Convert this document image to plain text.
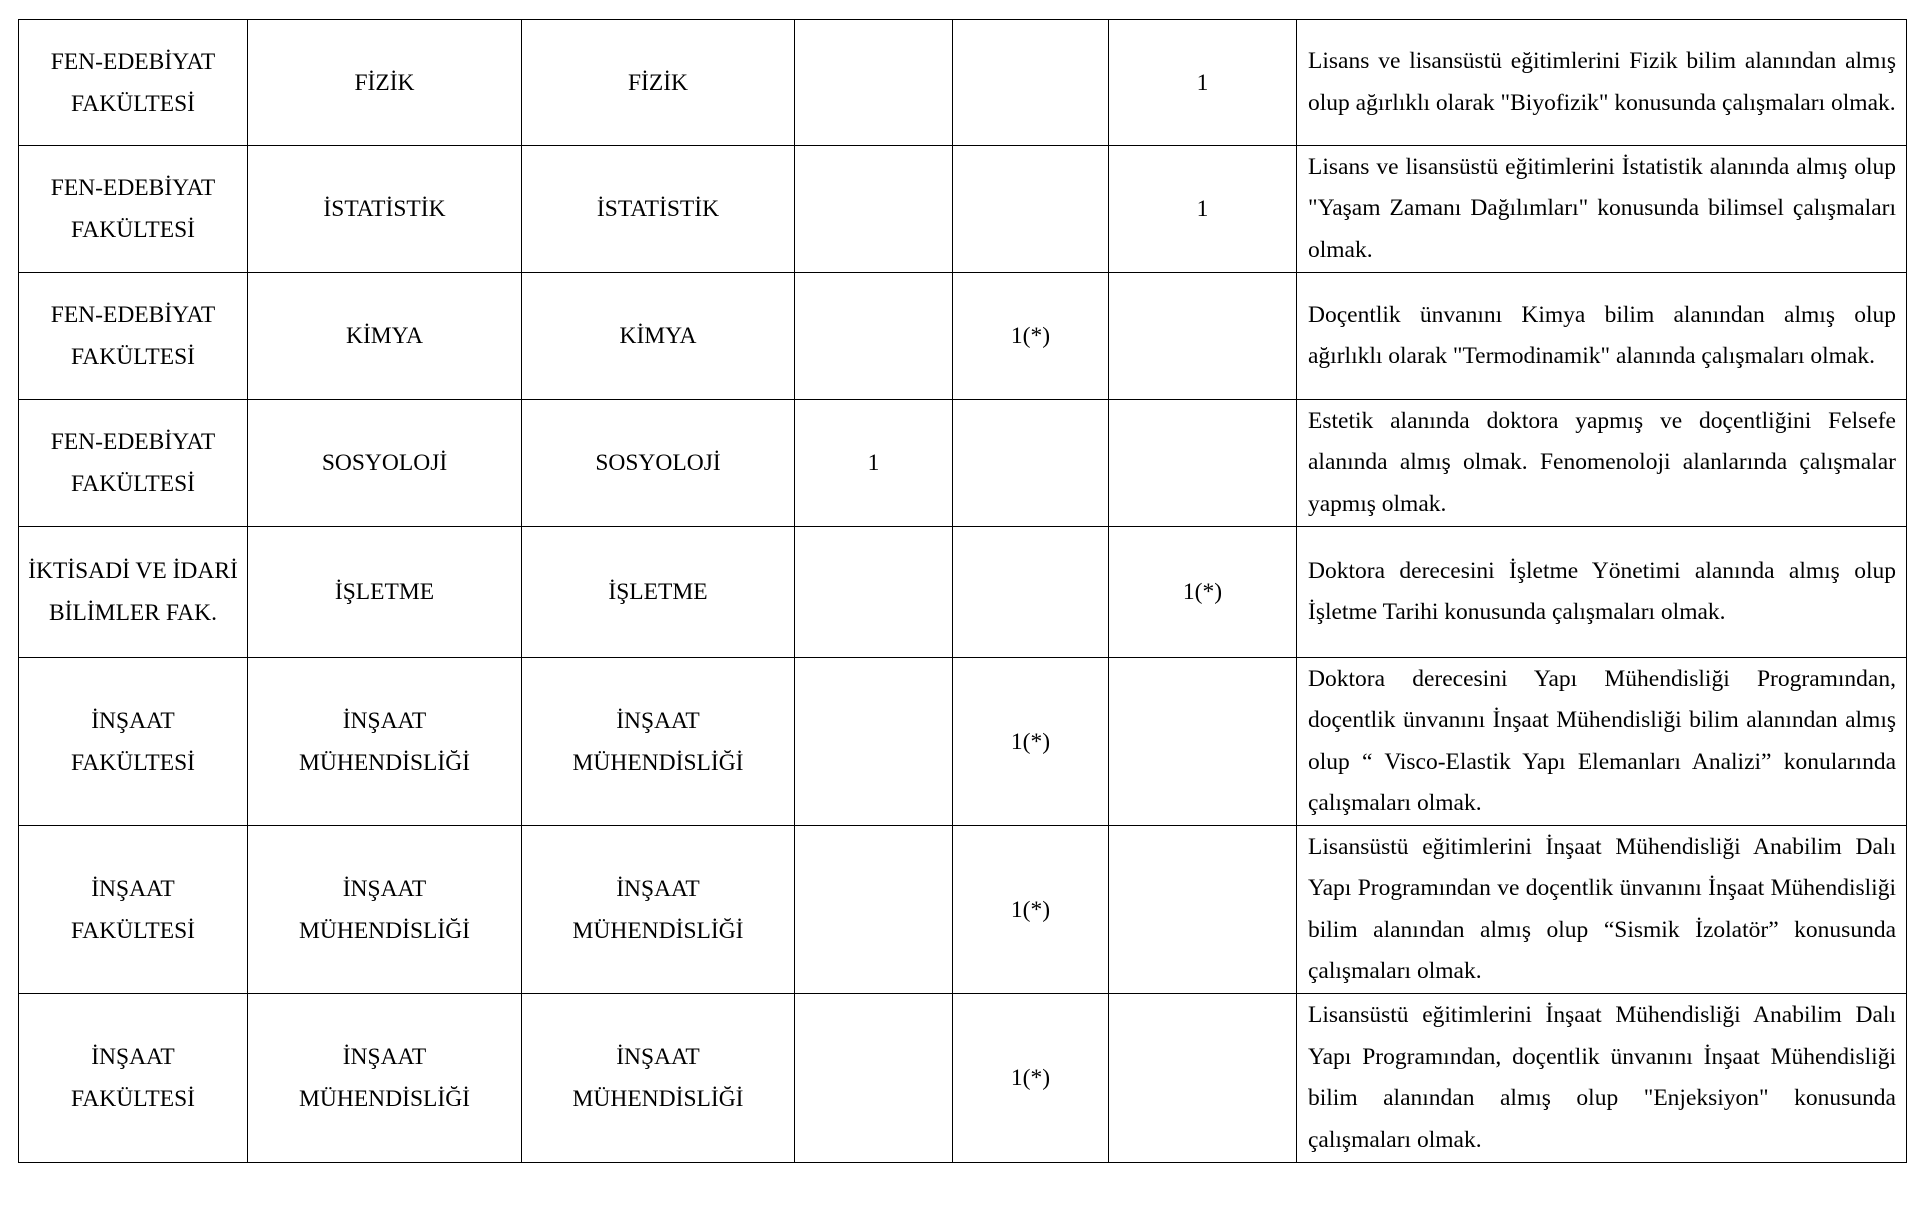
FEN-EDEBİYAT FAKÜLTESİ	FİZİK	FİZİK			1	Lisans ve lisansüstü eğitimlerini Fizik bilim alanından almış olup ağırlıklı olarak "Biyofizik" konusunda çalışmaları olmak.
FEN-EDEBİYAT FAKÜLTESİ	İSTATİSTİK	İSTATİSTİK			1	Lisans ve lisansüstü eğitimlerini İstatistik alanında almış olup "Yaşam Zamanı Dağılımları" konusunda bilimsel çalışmaları olmak.
FEN-EDEBİYAT FAKÜLTESİ	KİMYA	KİMYA		1(*)		Doçentlik ünvanını Kimya bilim alanından almış olup ağırlıklı olarak "Termodinamik" alanında çalışmaları olmak.
FEN-EDEBİYAT FAKÜLTESİ	SOSYOLOJİ	SOSYOLOJİ	1			Estetik alanında doktora yapmış ve doçentliğini Felsefe alanında almış olmak. Fenomenoloji alanlarında çalışmalar yapmış olmak.
İKTİSADİ VE İDARİ BİLİMLER FAK.	İŞLETME	İŞLETME			1(*)	Doktora derecesini İşletme Yönetimi alanında almış olup İşletme Tarihi konusunda çalışmaları olmak.
İNŞAAT FAKÜLTESİ	İNŞAAT MÜHENDİSLİĞİ	İNŞAAT MÜHENDİSLİĞİ		1(*)		Doktora derecesini Yapı Mühendisliği Programından, doçentlik ünvanını İnşaat Mühendisliği bilim alanından almış olup “ Visco-Elastik Yapı Elemanları Analizi” konularında çalışmaları olmak.
İNŞAAT FAKÜLTESİ	İNŞAAT MÜHENDİSLİĞİ	İNŞAAT MÜHENDİSLİĞİ		1(*)		Lisansüstü eğitimlerini İnşaat Mühendisliği Anabilim Dalı Yapı Programından ve doçentlik ünvanını İnşaat Mühendisliği bilim alanından almış olup “Sismik İzolatör” konusunda çalışmaları olmak.
İNŞAAT FAKÜLTESİ	İNŞAAT MÜHENDİSLİĞİ	İNŞAAT MÜHENDİSLİĞİ		1(*)		Lisansüstü eğitimlerini İnşaat Mühendisliği Anabilim Dalı Yapı Programından, doçentlik ünvanını İnşaat Mühendisliği bilim alanından almış olup "Enjeksiyon" konusunda çalışmaları olmak.
